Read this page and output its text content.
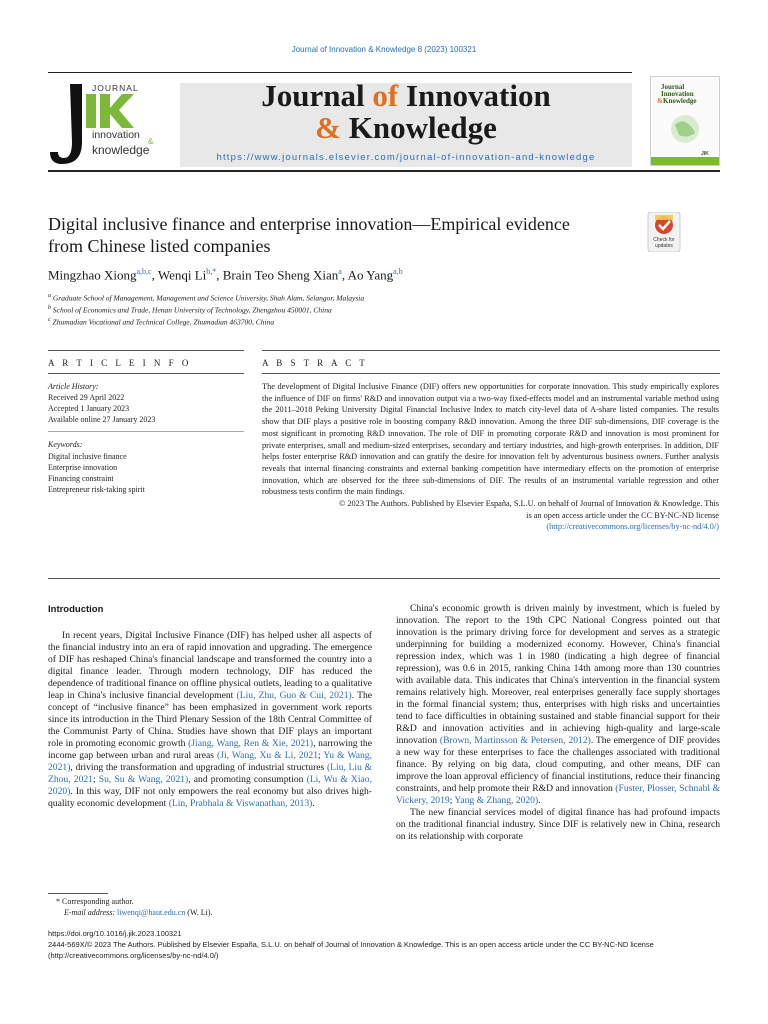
Journal of Innovation & Knowledge 8 (2023) 100321
JOURNAL
innovation
&
knowledge
Journal of Innovation
& Knowledge
https://www.journals.elsevier.com/journal-of-innovation-and-knowledge
Journal
Innovation
& Knowledge
JIK
Digital inclusive finance and enterprise innovation—Empirical evidence
from Chinese listed companies	Check for
updates
Mingzhao Xiong$^{a,b,c}$, Wenqi $Li^{b,*}$, Brain Teo Sheng Xian$^a$, Ao Yang$^{a,b}$
$^a$ Graduate School of Management, Management and Science University, Shah Alam, Selangor, Malaysia
$^b$ School of Economics and Trade, Henan University of Technology, Zhengzhou 450001, China
$^c$ Zhumadian Vocational and Technical College, Zhumadian 463700, China
A R T I C L E I N F O	A B S T R A C T
Article History:
Received 29 April 2022
Accepted 1 January 2023
Available online 27 January 2023
Keywords:
Digital inclusive finance
Enterprise innovation
Financing constraint
Entrepreneur risk-taking spirit
The development of Digital Inclusive Finance (DIF) offers new opportunities for corporate innovation. This study empirically explores the influence of DIF on firms' R&D and innovation output via a two-way fixed-effects model and an instrumental variable method using the 2011–2018 Peking University Digital Financial Inclusive Index to match city-level data of A-share listed companies. The results show that DIF plays a positive role in boosting company R&D innovation. Among the three DIF sub-dimensions, DIF coverage is the most significant in promoting R&D innovation. The role of DIF in promoting corporate R&D and innovation is most prominent for private enterprises, small and medium-sized enterprises, secondary and tertiary industries, and high-growth enterprises. In addition, DIF helps foster enterprise R&D innovation and can gratify the desire for innovation felt by adventurous business owners. Further analysis reveals that internal financing constraints and external banking competition have intermediary effects on the promotion of enterprise innovation, which are observed for the three sub-dimensions of DIF. The results of an instrumental variable regression and other robustness tests confirm the main findings.
© 2023 The Authors. Published by Elsevier España, S.L.U. on behalf of Journal of Innovation & Knowledge. This
is an open access article under the CC BY-NC-ND license
(http://creativecommons.org/licenses/by-nc-nd/4.0/)
Introduction

In recent years, Digital Inclusive Finance (DIF) has helped usher all aspects of the financial industry into an era of rapid innovation and upgrading. The emergence of DIF has reshaped China's financial landscape and transformed the country into a digital finance leader. Through modern technology, DIF has reduced the dependence of traditional finance on offline physical outlets, leading to a qualitative leap in China's inclusive financial development (Liu, Zhu, Guo & Cui, 2021). The concept of “inclusive finance” has been emphasized in government work reports since its introduction in the Third Plenary Session of the 18th Central Committee of the Communist Party of China. Studies have shown that DIF plays an important role in promoting economic growth (Jiang, Wang, Ren & Xie, 2021), narrowing the income gap between urban and rural areas (Ji, Wang, Xu & Li, 2021; Yu & Wang, 2021), driving the transformation and upgrading of industrial structures (Liu, Liu & Zhou, 2021; Su, Su & Wang, 2021), and promoting consumption (Li, Wu & Xiao, 2020). In this way, DIF not only empowers the real economy but also drives high-quality economic development (Lin, Prabhala & Viswanathan, 2013).

China's economic growth is driven mainly by investment, which is fueled by innovation. The report to the 19th CPC National Congress pointed out that innovation is the primary driving force for development and serves as a strategic underpinning for building a modernized economy. However, China's financial repression index, which was 1 in 1980 (indicating a high degree of financial repression), was 0.6 in 2015, ranking China 14th among more than 130 countries with available data. This indicates that China's intervention in the financial system remains relatively high. Moreover, real enterprises generally face supply shortages in the formal financial system; thus, enterprises with high risks and uncertainties tend to face difficulties in obtaining sustained and stable financial support for their R&D and innovation activities and in achieving high-quality and large-scale innovation (Brown, Martinsson & Petersen, 2012). The emergence of DIF provides a new way for these enterprises to face the challenges associated with traditional finance. By relying on big data, cloud computing, and other means, DIF can improve the loan approval efficiency of financial institutions, reduce their financing constraints, and help promote their R&D and innovation (Fuster, Plosser, Schnabl & Vickery, 2019; Yang & Zhang, 2020).

The new financial services model of digital finance has had profound impacts on the traditional financial industry. Since DIF is relatively new in China, research on its relationship with corporate

* Corresponding author.
E-mail address: liwenqi@haut.edu.cn (W. Li).
https://doi.org/10.1016/j.jik.2023.100321
2444-569X/© 2023 The Authors. Published by Elsevier España, S.L.U. on behalf of Journal of Innovation & Knowledge. This is an open access article under the CC BY-NC-ND license
(http://creativecommons.org/licenses/by-nc-nd/4.0/)
